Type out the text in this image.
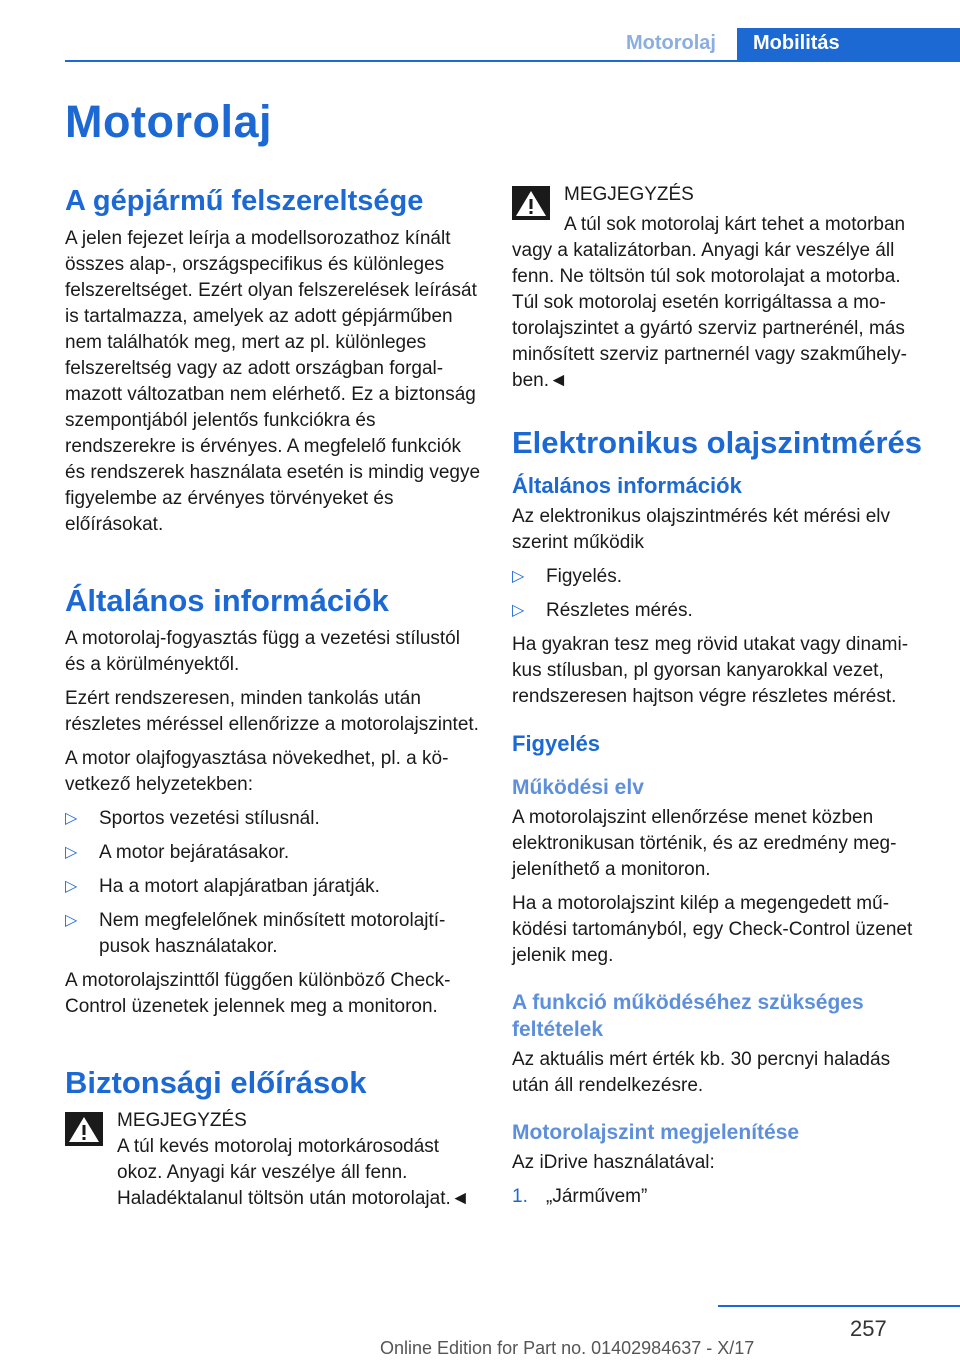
Motorolaj	Mobilitás
Motorolaj
A gépjármű felszereltsége

A jelen fejezet leírja a modellsorozathoz kínált összes alap-, országspecifikus és különleges felszereltséget. Ezért olyan felszerelések leírását is tartalmazza, amelyek az adott gépjárműben nem találhatók meg, mert az pl. különleges felszereltség vagy az adott országban forgalmazott változatban nem elérhető. Ez a biztonság szempontjából jelentős funkciókra és rendszerekre is érvényes. A megfelelő funkciók és rendszerek használata esetén is mindig vegye figyelembe az érvényes törvényeket és előírásokat.

Általános információk

A motorolaj-fogyasztás függ a vezetési stílustól és a körülményektől.

Ezért rendszeresen, minden tankolás után részletes méréssel ellenőrizze a motorolajszintet.

A motor olajfogyasztása növekedhet, pl. a következő helyzetekben:

▷ Sportos vezetési stílusnál.
▷ A motor bejáratásakor.
▷ Ha a motort alapjáratban járatják.
▷ Nem megfelelőnek minősített motorolajtípusok használatakor.

A motorolajszinttől függően különböző Check-Control üzenetek jelennek meg a monitoron.

Biztonsági előírások
MEGJEGYZÉS
A túl kevés motorolaj motorkárosodást okoz. Anyagi kár veszélye áll fenn. Haladéktalanul töltsön után motorolajat.◄
MEGJEGYZÉS

A túl sok motorolaj kárt tehet a motorban vagy a katalizátorban. Anyagi kár veszélye áll fenn. Ne töltsön túl sok motorolajat a motorba. Túl sok motorolaj esetén korrigáltassa a motorolajszintet a gyártó szerviz partnerénél, más minősített szerviz partnernél vagy szakműhelyben.◄

Elektronikus olajszintmérés
Általános információk

Az elektronikus olajszintmérés két mérési elv szerint működik

▷ Figyelés.
▷ Részletes mérés.

Ha gyakran tesz meg rövid utakat vagy dinamikus stílusban, pl gyorsan kanyarokkal vezet, rendszeresen hajtson végre részletes mérést.

Figyelés
Működési elv

A motorolajszint ellenőrzése menet közben elektronikusan történik, és az eredmény megjeleníthető a monitoron.

Ha a motorolajszint kilép a megengedett működési tartományból, egy Check-Control üzenet jelenik meg.

A funkció működéséhez szükséges feltételek

Az aktuális mért érték kb. 30 percnyi haladás után áll rendelkezésre.

Motorolajszint megjelenítése

Az iDrive használatával:

1. „Járművem”
257
Online Edition for Part no. 01402984637 - X/17
